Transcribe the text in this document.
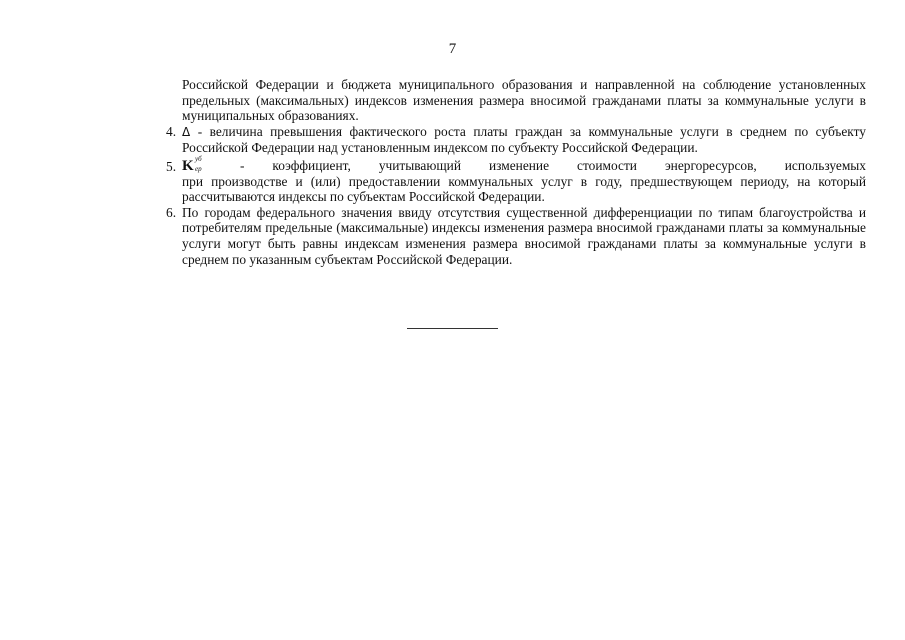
7

Российской Федерации и бюджета муниципального образования и направленной на соблюдение установленных предельных (максимальных) индексов изменения размера вносимой гражданами платы за коммунальные услуги в муниципальных образованиях.

4. Δ - величина превышения фактического роста платы граждан за коммунальные услуги в среднем по субъекту Российской Федерации над установленным индексом по субъекту Российской Федерации.

5. K уб
ер	- коэффициент, учитывающий изменение стоимости энергоресурсов, используемых

при производстве и (или) предоставлении коммунальных услуг в году, предшествующем периоду, на который рассчитываются индексы по субъектам Российской Федерации.

6. По городам федерального значения ввиду отсутствия существенной дифференциации по типам благоустройства и потребителям предельные (максимальные) индексы изменения размера вносимой гражданами платы за коммунальные услуги могут быть равны индексам изменения размера вносимой гражданами платы за коммунальные услуги в среднем по указанным субъектам Российской Федерации.
